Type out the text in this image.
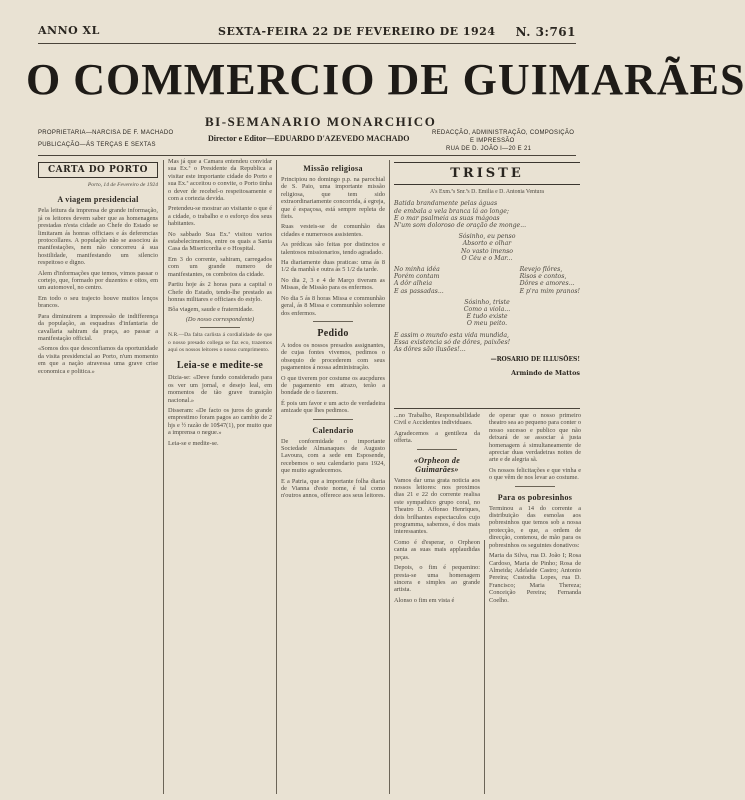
ANNO XL	SEXTA-FEIRA 22 DE FEVEREIRO DE 1924 N. 3:761
O COMMERCIO DE GUIMARÃES
BI-SEMANARIO MONARCHICO
PROPRIETARIA—NARCISA DE F. MACHADO
PUBLICAÇÃO—ÁS TERÇAS E SEXTAS
Director e Editor—EDUARDO D'AZEVEDO MACHADO
REDACÇÃO, ADMINISTRAÇÃO, COMPOSIÇÃO
E IMPRESSÃO
RUA DE D. JOÃO I—20 E 21
CARTA DO PORTO
Porto, 14 de Fevereiro de 1924
A viagem presidencial
Pela leitura da imprensa de grande informação, já os leitores devem saber que as homenagens prestadas n'esta cidade ao Chefe do Estado se limitaram ás honras officiaes e ás deferencias protocollares. A população não se associou ás manifestações, nem não concorreu á sua hostilidade, manifestando um silencio respeitoso e digno.
Alem d'informações que temos, vimos passar o cortejo, que, formado por duzentos e oitos, em um automovel, no centro.
Em todo o seu trajecto houve muitos lenços brancos.
Para diminuirem a impressão de indifferença da população, as esquadras d'infantaria de cavallaria sahiram da praça, ao passar a manifestação official.
«Somos dos que desconfiamos da oportunidade da visita presidencial ao Porto, n'um momento em que a nação atravessa uma grave crise economica e politica.»
Mas já que a Camara entendeu convidar sua Ex.ª o Presidente da Republica a visitar este importante cidade do Porto e sua Ex.ª acceitou o convite, o Porto tinha o dever de recebel-o respeitosamente e com a cortezia devida.
Pretendeu-se mostrar ao visitante o que é a cidade, o trabalho e o esforço dos seus habitantes.
No sabbado Sua Ex.ª visitou varios estabelecimentos, entre os quais a Santa Casa da Misericordia e o Hospital.
Em 3 do corrente, sahiram, carregados com um grande numero de manifestantes, os comboios da cidade.
Partiu hoje ás 2 horas para a capital o Chefe do Estado, tendo-lhe prestado as honras militares e officiaes do estylo.
Bôa viagem, saude e fraternidade.
(Do nosso correspondente)
N.R.—Da falta carlista á cordialidade de que o nosso presado collega se faz eco, trazemos aqui os nossos leitores o nosso cumprimento.
Leia-se e medite-se
Dizia-se: «Deve fundo considerado para os ver um jornal, e desejo leal, em momentos de tão grave transição nacional.»
Disseram: «De facto os juros do grande emprestimo foram pagos ao cambio de 2 hjs e ½ razão de 10$47(1), por muito que a imprensa o negue.»
Leia-se e medite-se.
Missão religiosa
Principiou no domingo p.p. na parochial de S. Paio, uma importante missão religiosa, que tem sido extraordinariamente concorrida, á egreja, que é espaçosa, está sempre repleta de fieis.
Ruas vesteis-se de comunhão das cidades e numerosos assistentes.
As prédicas são feitas por distinctos e talentosos missionarios, tendo agradado.
Ha diariamente duas praticas: uma ás 8 1/2 da manhã e outra ás 5 1/2 da tarde.
No dia 2, 3 e 4 de Março tiveram as Missas, de Missão para os enfermos.
No dia 5 ás 8 horas Missa e communhão geral, ás 8 Missa e communhão solemne dos enfermos.
Pedido
A todos os nossos presados assignantes, de cujas fontes vivemos, pedimos o obsequio de procederem com seus pagamentos á nossa administração.
O que tiverem por costume os aucpdures de pagamento em atrazo, terão a bondade de o fazerem.
É pois um favor e um acto de verdadeira amizade que lhes pedimos.
Calendario
De conformidade o importante Sociedade Almanaques de Augusto Lavoura, com a sede em Esposende, recebemos o seu calendario para 1924, que muito agradecemos.
E a Patria, que a importante folha diaria de Vianna d'este nome, é tal como n'outros annos, offerece aos seus leitores.
TRISTE
A's Exm.ªs Snr.ªs D. Emilia e D. Antonia Ventura
Batida brandamente pelas águas
de embala a vela branca lá ao longe;
E o mar psalmeia as suas mágoas
N'um som doloroso de oração de monge...
Sósinho, eu penso
Absorto e olhar
No vasto imenso
O Céu e o Mar...
No minha idéa
Porém contam
A dôr alheia
E as passadas...
Revejo flôres,
Risos e contos,
Dôres e amores...
E p'ra mim pranos!
Sósinho, triste
Como a viola...
E tudo existe
O meu peito.
E assim o mundo esta vida mundida,
Essa existencia só de dôres, paixões!
As dôres são ilusões!...
—ROSARIO DE ILLUSÕES!
Armindo de Mattos
...no Trabalho, Responsabilidade Civil e Accidentes individuaes.
Agradecemos a gentileza da offerta.
«Orpheon de Guimarães»
Vamos dar uma grata noticia aos nossos leitores: nos proximos dias 21 e 22 do corrente realisa este sympathico grupo coral, no Theatro D. Affonso Henriques, dois brilhantes espectaculos cujo programma, sabemos, é dos mais interessantes.
Como é d'esperar, o Orpheon canta as suas mais applaudidas peças.
Depois, o fim é pequenino: presta-se uma homenagem sincera e simples ao grande artista.
Alonso o fim em vista é
de operar que o nosso primeiro theatro sea ao pequeno para conter o nosso sucesso e publico que não deixará de se associar á justa homenagem á simultaneamente de apreciar duas verdadeiras noites de arte e de alegria sã.
Os nossos felicitações e que vinha e o que vêm de nos levar ao costume.
Para os pobresinhos
Terminou a 14 do corrente a distribuição das esmolas aos pobresinhos que temos sob a nossa protecção, e que, a ordem de direcção, contenou, de mão para os pobresinhos os seguintes donativos:
Maria da Silva, rua D. João I; Rosa Cardoso, Maria de Pinho; Rosa de Almeida; Adelaide Castro; Antonio Pereira; Custodia Lopes, rua D. Francisco; Maria Thereza; Conceição Pereira; Fernanda Coelho.
